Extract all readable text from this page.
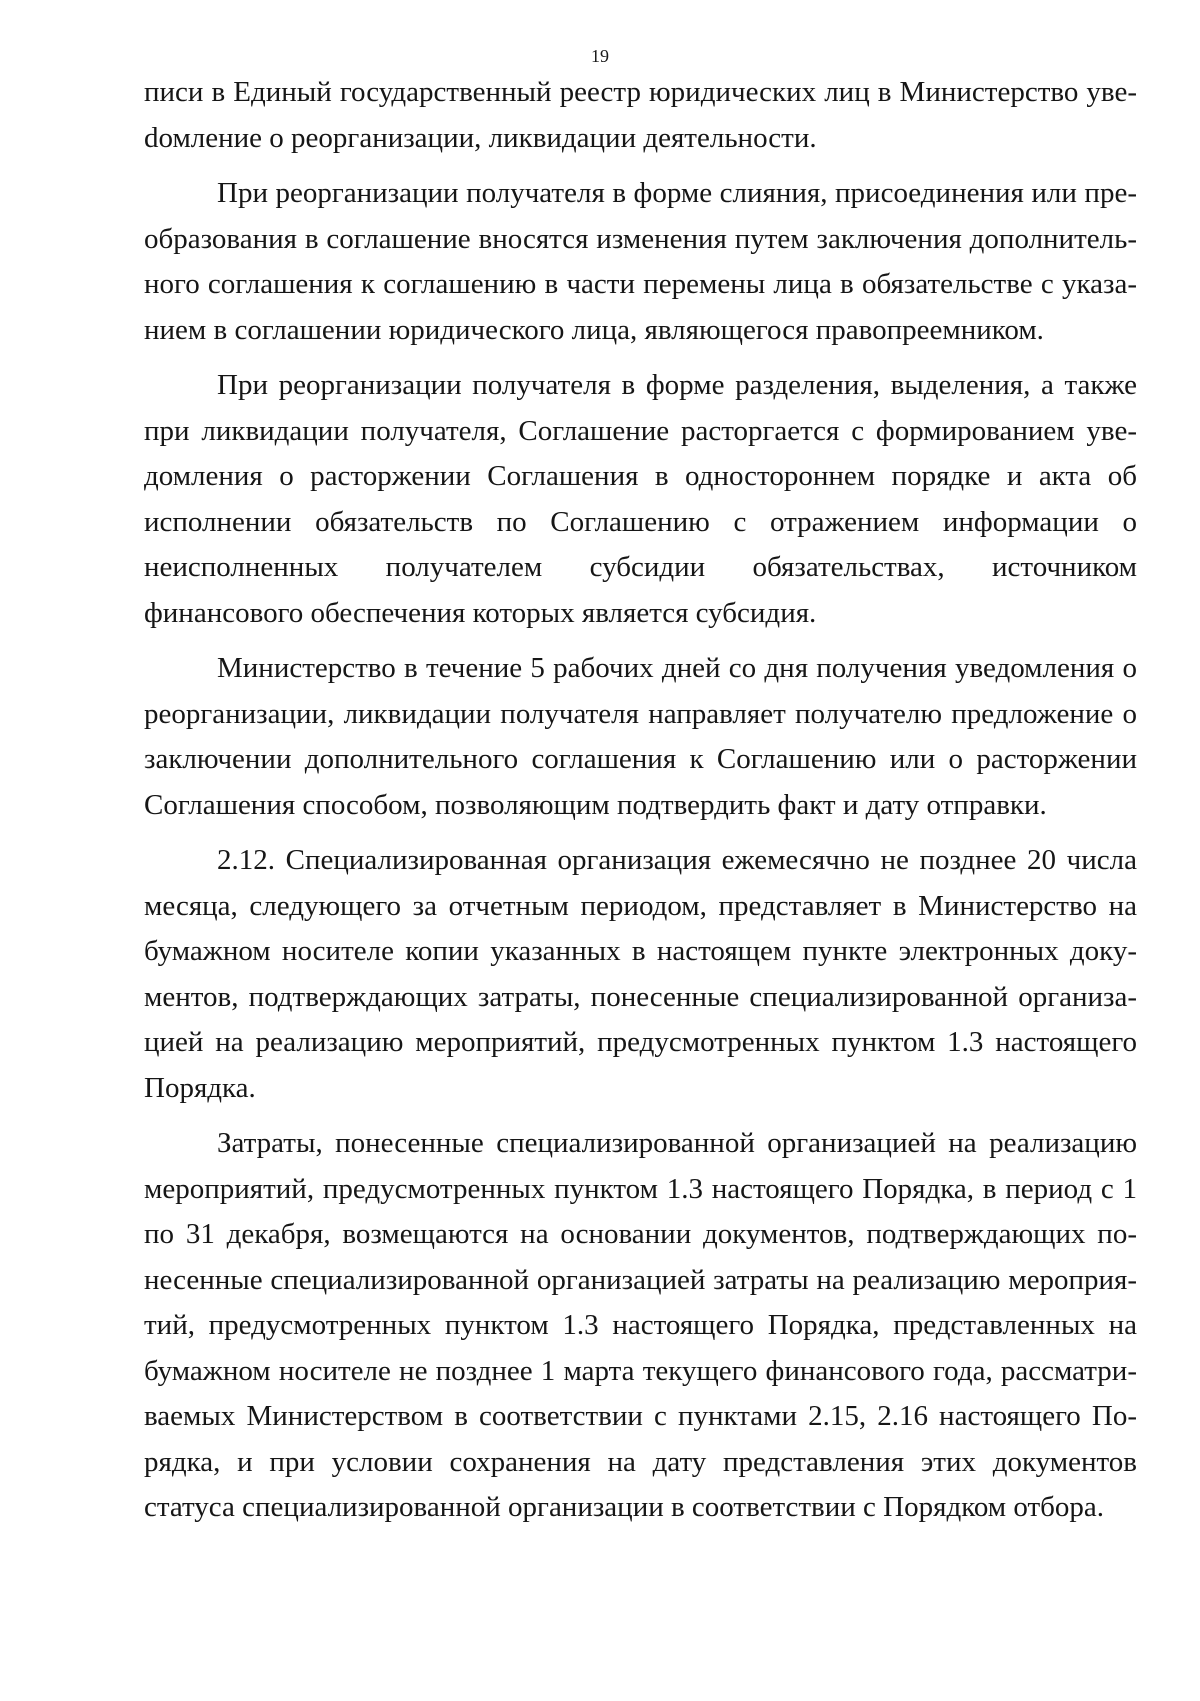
19

писи в Единый государственный реестр юридических лиц в Министерство увеdомление о реорганизации, ликвидации деятельности.

При реорганизации получателя в форме слияния, присоединения или преобразования в соглашение вносятся изменения путем заключения дополнительного соглашения к соглашению в части перемены лица в обязательстве с указанием в соглашении юридического лица, являющегося правопреемником.

При реорганизации получателя в форме разделения, выделения, а также при ликвидации получателя, Соглашение расторгается с формированием уведомления о расторжении Соглашения в одностороннем порядке и акта об исполнении обязательств по Соглашению с отражением информации о неисполненных получателем субсидии обязательствах, источником финансового обеспечения которых является субсидия.

Министерство в течение 5 рабочих дней со дня получения уведомления о реорганизации, ликвидации получателя направляет получателю предложение о заключении дополнительного соглашения к Соглашению или о расторжении Соглашения способом, позволяющим подтвердить факт и дату отправки.

2.12. Специализированная организация ежемесячно не позднее 20 числа месяца, следующего за отчетным периодом, представляет в Министерство на бумажном носителе копии указанных в настоящем пункте электронных документов, подтверждающих затраты, понесенные специализированной организацией на реализацию мероприятий, предусмотренных пунктом 1.3 настоящего Порядка.

Затраты, понесенные специализированной организацией на реализацию мероприятий, предусмотренных пунктом 1.3 настоящего Порядка, в период с 1 по 31 декабря, возмещаются на основании документов, подтверждающих понесенные специализированной организацией затраты на реализацию мероприятий, предусмотренных пунктом 1.3 настоящего Порядка, представленных на бумажном носителе не позднее 1 марта текущего финансового года, рассматриваемых Министерством в соответствии с пунктами 2.15, 2.16 настоящего Порядка, и при условии сохранения на дату представления этих документов статуса специализированной организации в соответствии с Порядком отбора.
